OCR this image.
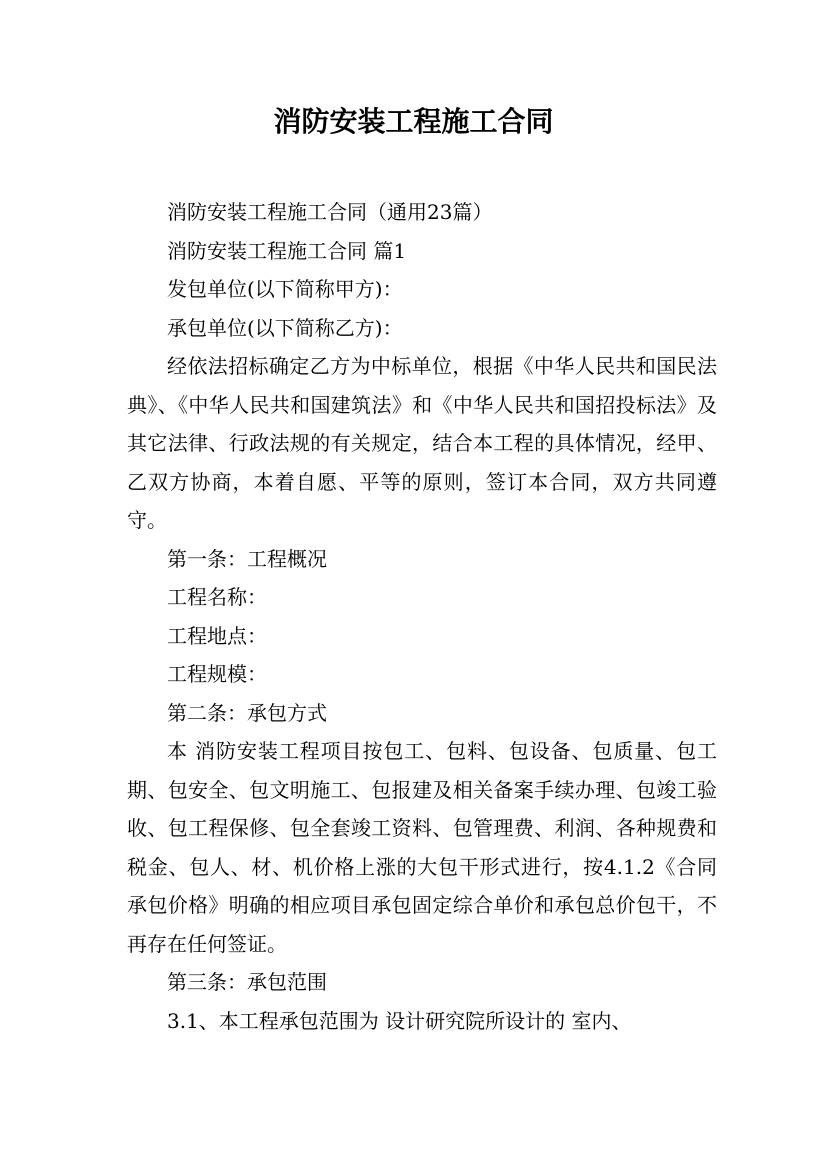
消防安装工程施工合同

消防安装工程施工合同（通用23篇）

消防安装工程施工合同 篇1

发包单位(以下简称甲方)：

承包单位(以下简称乙方)：

经依法招标确定乙方为中标单位，根据《中华人民共和国民法典》、《中华人民共和国建筑法》和《中华人民共和国招投标法》及其它法律、行政法规的有关规定，结合本工程的具体情况，经甲、乙双方协商，本着自愿、平等的原则，签订本合同，双方共同遵守。

第一条：工程概况

工程名称：

工程地点：

工程规模：

第二条：承包方式

本 消防安装工程项目按包工、包料、包设备、包质量、包工期、包安全、包文明施工、包报建及相关备案手续办理、包竣工验收、包工程保修、包全套竣工资料、包管理费、利润、各种规费和税金、包人、材、机价格上涨的大包干形式进行，按4.1.2《合同承包价格》明确的相应项目承包固定综合单价和承包总价包干，不再存在任何签证。

第三条：承包范围

3.1、本工程承包范围为 设计研究院所设计的 室内、
